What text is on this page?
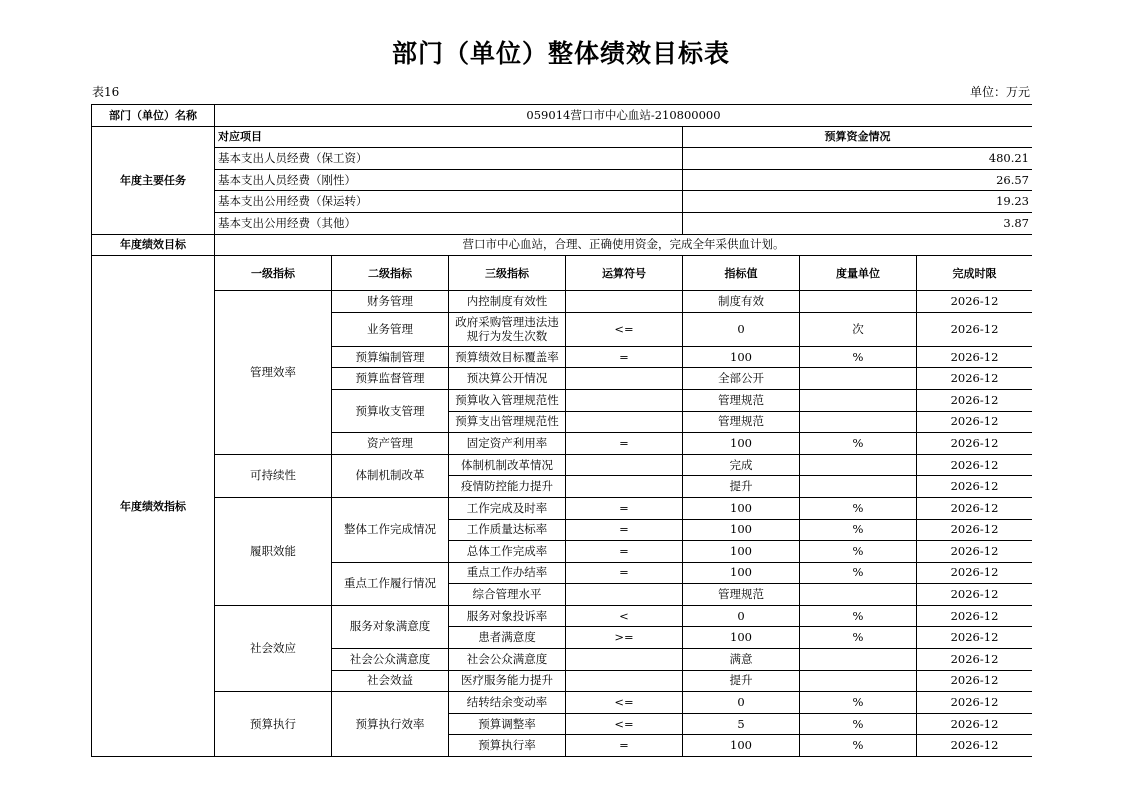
部门（单位）整体绩效目标表
表16	单位：万元
部门（单位）名称	059014营口市中心血站-210800000						
年度主要任务	对应项目				预算资金情况		
	基本支出人员经费（保工资）				480.21		
	基本支出人员经费（刚性）				26.57		
	基本支出公用经费（保运转）				19.23		
	基本支出公用经费（其他）				3.87		
年度绩效目标	营口市中心血站，合理、正确使用资金，完成全年采供血计划。						
年度绩效指标	一级指标	二级指标	三级指标	运算符号	指标值	度量单位	完成时限
	管理效率	财务管理	内控制度有效性		制度有效		2026-12
		业务管理	政府采购管理违法违规行为发生次数	<=	0	次	2026-12
		预算编制管理	预算绩效目标覆盖率	=	100	%	2026-12
		预算监督管理	预决算公开情况		全部公开		2026-12
		预算收支管理	预算收入管理规范性		管理规范		2026-12
			预算支出管理规范性		管理规范		2026-12
		资产管理	固定资产利用率	=	100	%	2026-12
	可持续性	体制机制改革	体制机制改革情况		完成		2026-12
			疫情防控能力提升		提升		2026-12
	履职效能	整体工作完成情况	工作完成及时率	=	100	%	2026-12
			工作质量达标率	=	100	%	2026-12
			总体工作完成率	=	100	%	2026-12
		重点工作履行情况	重点工作办结率	=	100	%	2026-12
			综合管理水平		管理规范		2026-12
	社会效应	服务对象满意度	服务对象投诉率	<	0	%	2026-12
			患者满意度	>=	100	%	2026-12
		社会公众满意度	社会公众满意度		满意		2026-12
		社会效益	医疗服务能力提升		提升		2026-12
	预算执行	预算执行效率	结转结余变动率	<=	0	%	2026-12
			预算调整率	<=	5	%	2026-12
			预算执行率	=	100	%	2026-12
